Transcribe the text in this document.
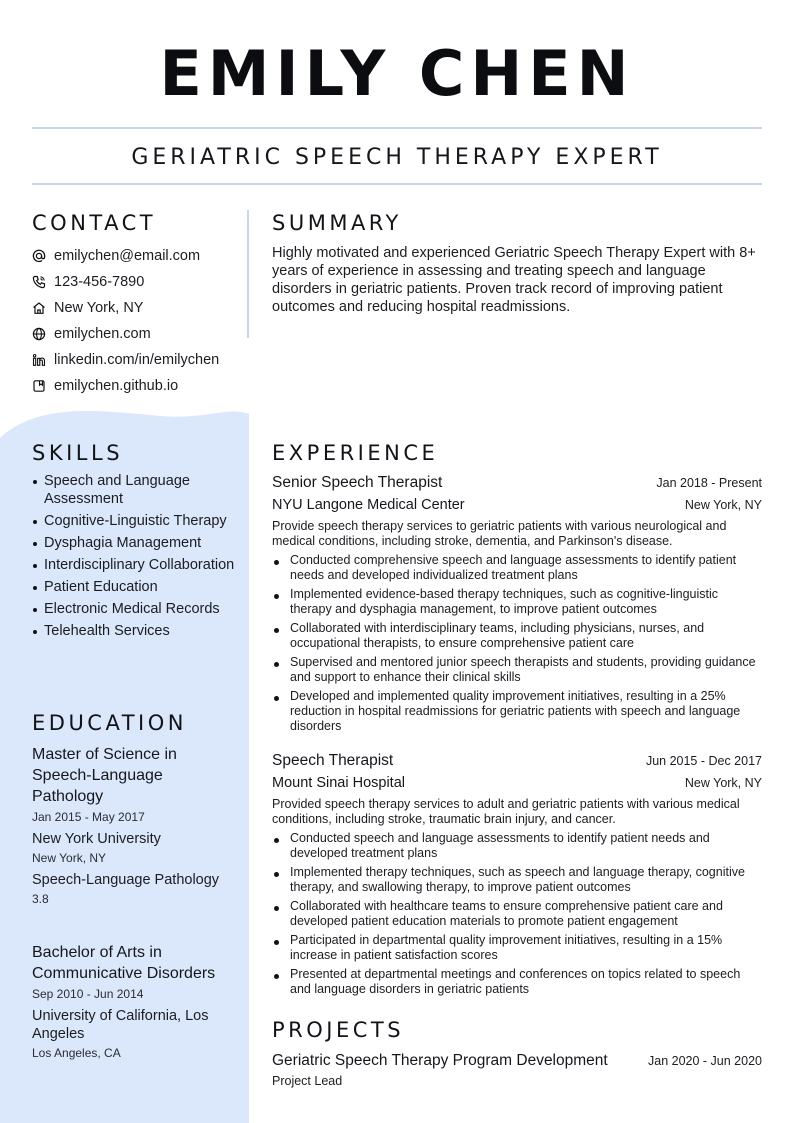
EMILY CHEN
GERIATRIC SPEECH THERAPY EXPERT
CONTACT
emilychen@email.com
123-456-7890
New York, NY
emilychen.com
linkedin.com/in/emilychen
emilychen.github.io
SUMMARY

Highly motivated and experienced Geriatric Speech Therapy Expert with 8+ years of experience in assessing and treating speech and language disorders in geriatric patients. Proven track record of improving patient outcomes and reducing hospital readmissions.

SKILLS
Speech and Language Assessment
Cognitive-Linguistic Therapy
Dysphagia Management
Interdisciplinary Collaboration
Patient Education
Electronic Medical Records
Telehealth Services
EDUCATION
Master of Science in Speech-Language Pathology
Jan 2015 - May 2017
New York University
New York, NY
Speech-Language Pathology
3.8
Bachelor of Arts in Communicative Disorders
Sep 2010 - Jun 2014
University of California, Los Angeles
Los Angeles, CA
EXPERIENCE
Senior Speech Therapist	Jan 2018 - Present
NYU Langone Medical Center	New York, NY
Provide speech therapy services to geriatric patients with various neurological and medical conditions, including stroke, dementia, and Parkinson's disease.
Conducted comprehensive speech and language assessments to identify patient needs and developed individualized treatment plans
Implemented evidence-based therapy techniques, such as cognitive-linguistic therapy and dysphagia management, to improve patient outcomes
Collaborated with interdisciplinary teams, including physicians, nurses, and occupational therapists, to ensure comprehensive patient care
Supervised and mentored junior speech therapists and students, providing guidance and support to enhance their clinical skills
Developed and implemented quality improvement initiatives, resulting in a 25% reduction in hospital readmissions for geriatric patients with speech and language disorders
Speech Therapist	Jun 2015 - Dec 2017
Mount Sinai Hospital	New York, NY
Provided speech therapy services to adult and geriatric patients with various medical conditions, including stroke, traumatic brain injury, and cancer.
Conducted speech and language assessments to identify patient needs and developed treatment plans
Implemented therapy techniques, such as speech and language therapy, cognitive therapy, and swallowing therapy, to improve patient outcomes
Collaborated with healthcare teams to ensure comprehensive patient care and developed patient education materials to promote patient engagement
Participated in departmental quality improvement initiatives, resulting in a 15% increase in patient satisfaction scores
Presented at departmental meetings and conferences on topics related to speech and language disorders in geriatric patients
PROJECTS
Geriatric Speech Therapy Program Development	Jan 2020 - Jun 2020
Project Lead
